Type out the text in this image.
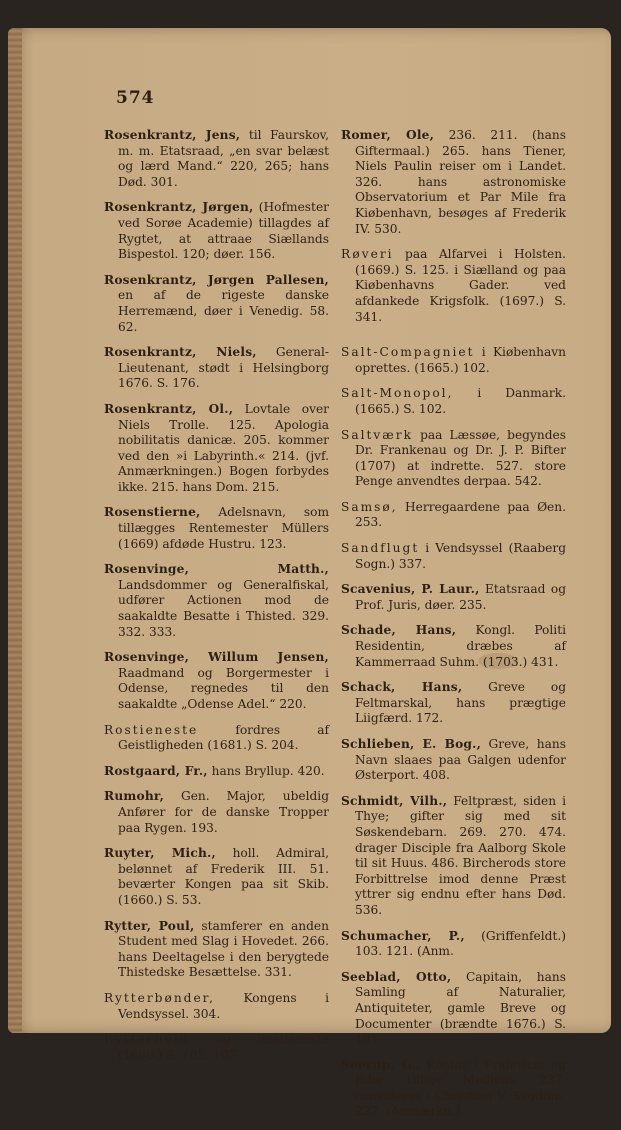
574
Rosenkrantz, Jens, til Faurskov, m. m. Etatsraad, „en svar belæst og lærd Mand.“ 220, 265; hans Død. 301.
Rosenkrantz, Jørgen, (Hofmester ved Sorøe Academie) tillagdes af Rygtet, at attraae Siællands Bispestol. 120; døer. 156.
Rosenkrantz, Jørgen Pallesen, en af de rigeste danske Herremænd, døer i Venedig. 58. 62.
Rosenkrantz, Niels, General-Lieutenant, stødt i Helsingborg 1676. S. 176.
Rosenkrantz, Ol., Lovtale over Niels Trolle. 125. Apologia nobilitatis danicæ. 205. kommer ved den »i Labyrinth.« 214. (jvf. Anmærkningen.) Bogen forbydes ikke. 215. hans Dom. 215.
Rosenstierne, Adelsnavn, som tillægges Rentemester Müllers (1669) afdøde Hustru. 123.
Rosenvinge, Matth., Landsdommer og Generalfiskal, udfører Actionen mod de saakaldte Besatte i Thisted. 329. 332. 333.
Rosenvinge, Willum Jensen, Raadmand og Borgermester i Odense, regnedes til den saakaldte „Odense Adel.“ 220.
Rostieneste fordres af Geistligheden (1681.) S. 204.
Rostgaard, Fr., hans Bryllup. 420.
Rumohr, Gen. Major, ubeldig Anfører for de danske Tropper paa Rygen. 193.
Ruyter, Mich., holl. Admiral, belønnet af Frederik III. 51. beværter Kongen paa sit Skib. (1660.) S. 53.
Rytter, Poul, stamferer en anden Student med Slag i Hovedet. 266. hans Deeltagelse i den berygtede Thistedske Besættelse. 331.
Rytterbønder, Kongens i Vendsyssel. 304.
Rytterhold og Rostieneste (1666.) S. 105. 107.
Romer, Ole, 236. 211. (hans Giftermaal.) 265. hans Tiener, Niels Paulin reiser om i Landet. 326. hans astronomiske Observatorium et Par Mile fra Kiøbenhavn, besøges af Frederik IV. 530.
Røveri paa Alfarvei i Holsten. (1669.) S. 125. i Siælland og paa Kiøbenhavns Gader. ved afdankede Krigsfolk. (1697.) S. 341.
Salt-Compagniet i Kiøbenhavn oprettes. (1665.) 102.
Salt-Monopol, i Danmark. (1665.) S. 102.
Saltværk paa Læssøe, begyndes Dr. Frankenau og Dr. J. P. Bifter (1707) at indrette. 527. store Penge anvendtes derpaa. 542.
Samsø, Herregaardene paa Øen. 253.
Sandflugt i Vendsyssel (Raaberg Sogn.) 337.
Scavenius, P. Laur., Etatsraad og Prof. Juris, døer. 235.
Schade, Hans, Kongl. Politi Residentin, dræbes af Kammerraad Suhm. (1703.) 431.
Schack, Hans, Greve og Feltmarskal, hans prægtige Liigfærd. 172.
Schlieben, E. Bog., Greve, hans Navn slaaes paa Galgen udenfor Østerport. 408.
Schmidt, Vilh., Feltpræst, siden i Thye; gifter sig med sit Søskendebarn. 269. 270. 474. drager Disciple fra Aalborg Skole til sit Huus. 486. Bircherods store Forbittrelse imod denne Præst yttrer sig endnu efter hans Død. 536.
Schumacher, P., (Griffenfeldt.) 103. 121. (Anm.
Seeblad, Otto, Capitain, hans Samling af Naturalier, Antiquiteter, gamle Breve og Documenter (brændte 1676.) S. 181.
Seerup, G., Rector i Fridericia og Ribe; tillige Medicus. 227. consuleres i Christian V. Sygdom. 227. (Anmærkn.)
